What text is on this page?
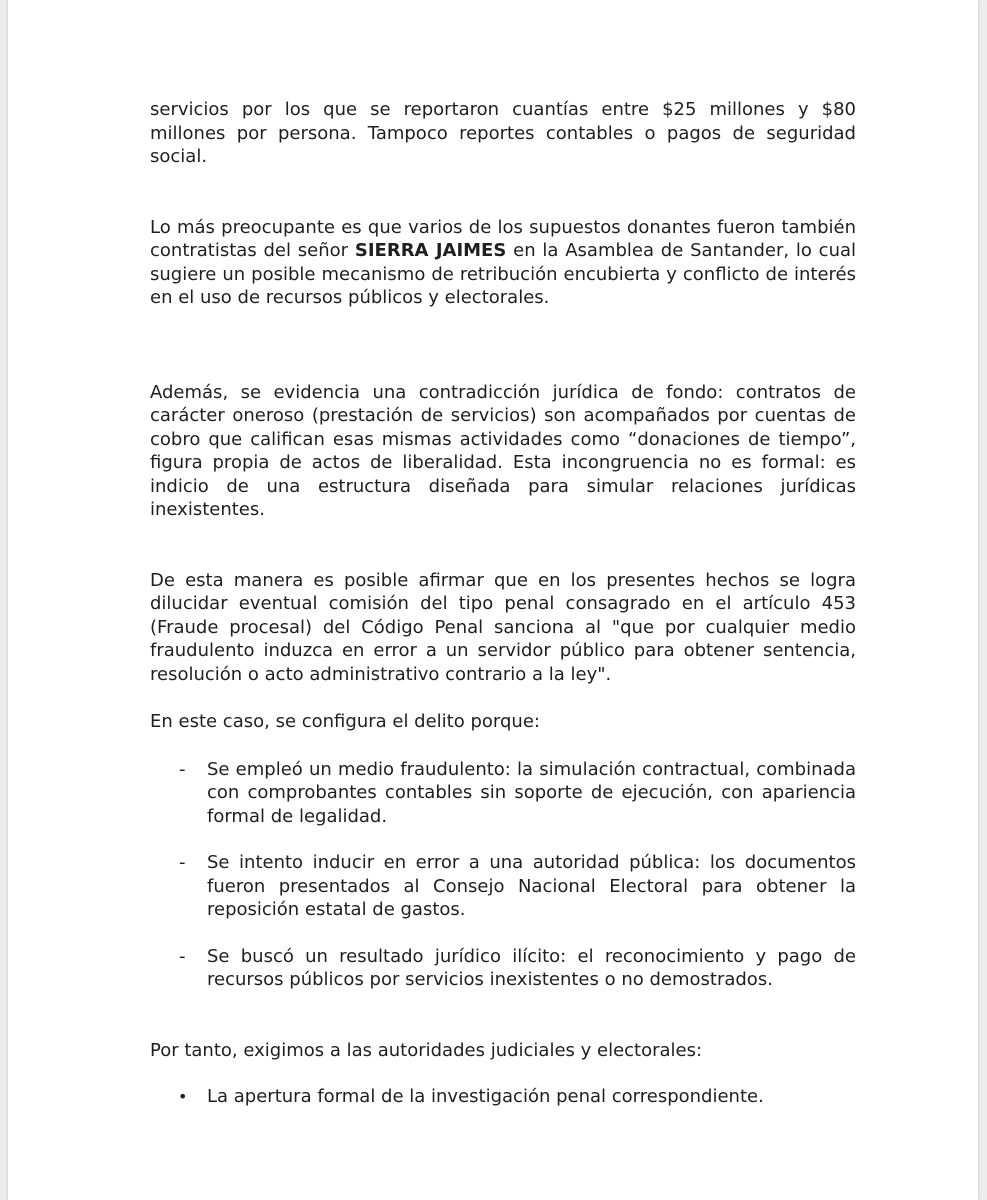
servicios por los que se reportaron cuantías entre $25 millones y $80 millones por persona. Tampoco reportes contables o pagos de seguridad social.

Lo más preocupante es que varios de los supuestos donantes fueron también contratistas del señor SIERRA JAIMES en la Asamblea de Santander, lo cual sugiere un posible mecanismo de retribución encubierta y conflicto de interés en el uso de recursos públicos y electorales.

Además, se evidencia una contradicción jurídica de fondo: contratos de carácter oneroso (prestación de servicios) son acompañados por cuentas de cobro que califican esas mismas actividades como “donaciones de tiempo”, figura propia de actos de liberalidad. Esta incongruencia no es formal: es indicio de una estructura diseñada para simular relaciones jurídicas inexistentes.

De esta manera es posible afirmar que en los presentes hechos se logra dilucidar eventual comisión del tipo penal consagrado en el artículo 453 (Fraude procesal) del Código Penal sanciona al "que por cualquier medio fraudulento induzca en error a un servidor público para obtener sentencia, resolución o acto administrativo contrario a la ley".

En este caso, se configura el delito porque:

- Se empleó un medio fraudulento: la simulación contractual, combinada con comprobantes contables sin soporte de ejecución, con apariencia formal de legalidad.
- Se intento inducir en error a una autoridad pública: los documentos fueron presentados al Consejo Nacional Electoral para obtener la reposición estatal de gastos.
- Se buscó un resultado jurídico ilícito: el reconocimiento y pago de recursos públicos por servicios inexistentes o no demostrados.

Por tanto, exigimos a las autoridades judiciales y electorales:

• La apertura formal de la investigación penal correspondiente.
